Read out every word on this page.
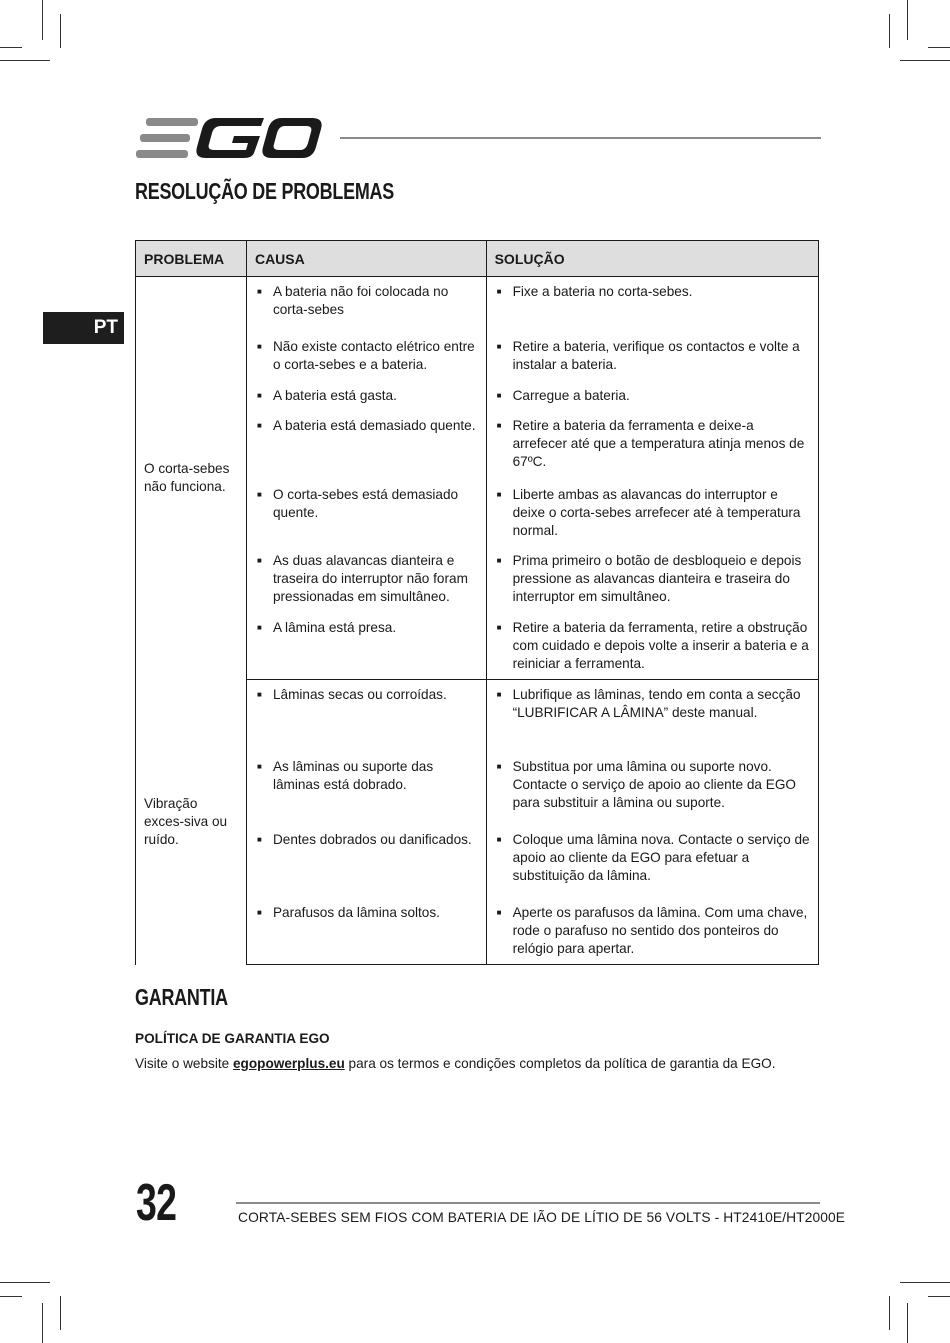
PT
RESOLUÇÃO DE PROBLEMAS
PROBLEMA	CAUSA	SOLUÇÃO
O corta-sebes não funciona.	■ A bateria não foi colocada no corta-sebes	■ Fixe a bateria no corta-sebes.

	■ Não existe contacto elétrico entre o corta-sebes e a bateria.	■ Retire a bateria, verifique os contactos e volte a instalar a bateria.

	■ A bateria está gasta.	■ Carregue a bateria.

	■ A bateria está demasiado quente.	■ Retire a bateria da ferramenta e deixe-a arrefecer até que a temperatura atinja menos de 67ºC.

	■ O corta-sebes está demasiado quente.	■ Liberte ambas as alavancas do interruptor e deixe o corta-sebes arrefecer até à temperatura normal.

	■ As duas alavancas dianteira e traseira do interruptor não foram pressionadas em simultâneo.	■ Prima primeiro o botão de desbloqueio e depois pressione as alavancas dianteira e traseira do interruptor em simultâneo.

	■ A lâmina está presa.	■ Retire a bateria da ferramenta, retire a obstrução com cuidado e depois volte a inserir a bateria e a reiniciar a ferramenta.

Vibração exces-siva ou ruído.	■ Lâminas secas ou corroídas.	■ Lubrifique as lâminas, tendo em conta a secção “LUBRIFICAR A LÂMINA” deste manual.

	■ As lâminas ou suporte das lâminas está dobrado.	■ Substitua por uma lâmina ou suporte novo. Contacte o serviço de apoio ao cliente da EGO para substituir a lâmina ou suporte.

	■ Dentes dobrados ou danificados.	■ Coloque uma lâmina nova. Contacte o serviço de apoio ao cliente da EGO para efetuar a substituição da lâmina.

	■ Parafusos da lâmina soltos.	■ Aperte os parafusos da lâmina. Com uma chave, rode o parafuso no sentido dos ponteiros do relógio para apertar.
GARANTIA
POLÍTICA DE GARANTIA EGO
Visite o website egopowerplus.eu para os termos e condições completos da política de garantia da EGO.
32	CORTA-SEBES SEM FIOS COM BATERIA DE IÃO DE LÍTIO DE 56 VOLTS - HT2410E/HT2000E
